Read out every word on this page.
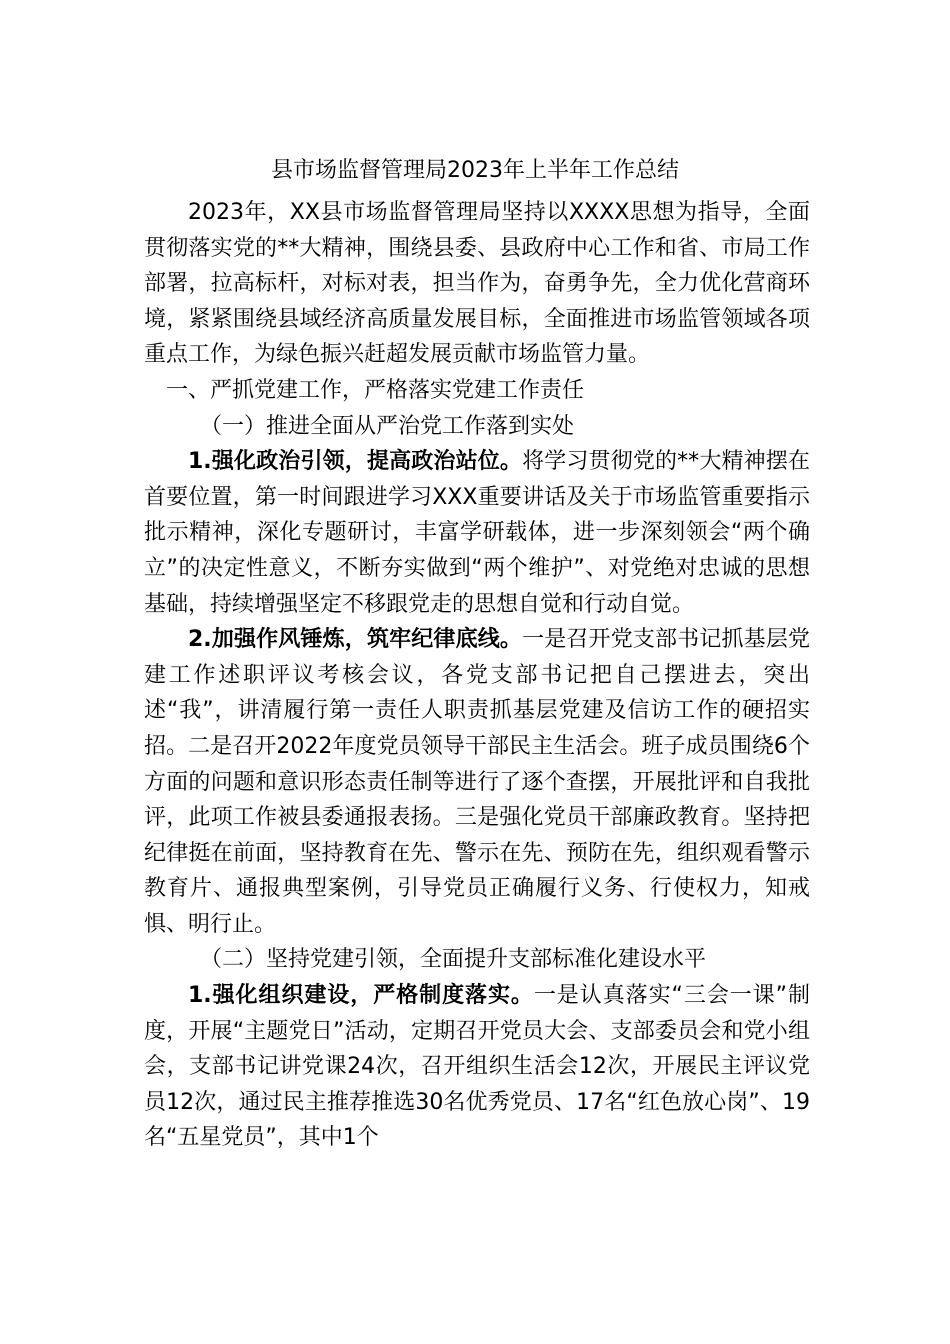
县市场监督管理局2023年上半年工作总结

2023年，XX县市场监督管理局坚持以XXXX思想为指导，全面贯彻落实党的**大精神，围绕县委、县政府中心工作和省、市局工作部署，拉高标杆，对标对表，担当作为，奋勇争先，全力优化营商环境，紧紧围绕县域经济高质量发展目标，全面推进市场监管领域各项重点工作，为绿色振兴赶超发展贡献市场监管力量。

一、严抓党建工作，严格落实党建工作责任

（一）推进全面从严治党工作落到实处

1.强化政治引领，提高政治站位。将学习贯彻党的**大精神摆在首要位置，第一时间跟进学习XXX重要讲话及关于市场监管重要指示批示精神，深化专题研讨，丰富学研载体，进一步深刻领会“两个确立”的决定性意义，不断夯实做到“两个维护”、对党绝对忠诚的思想基础，持续增强坚定不移跟党走的思想自觉和行动自觉。

2.加强作风锤炼，筑牢纪律底线。一是召开党支部书记抓基层党建工作述职评议考核会议，各党支部书记把自己摆进去，突出述“我”，讲清履行第一责任人职责抓基层党建及信访工作的硬招实招。二是召开2022年度党员领导干部民主生活会。班子成员围绕6个方面的问题和意识形态责任制等进行了逐个查摆，开展批评和自我批评，此项工作被县委通报表扬。三是强化党员干部廉政教育。坚持把纪律挺在前面，坚持教育在先、警示在先、预防在先，组织观看警示教育片、通报典型案例，引导党员正确履行义务、行使权力，知戒惧、明行止。

（二）坚持党建引领，全面提升支部标准化建设水平

1.强化组织建设，严格制度落实。一是认真落实“三会一课”制度，开展“主题党日”活动，定期召开党员大会、支部委员会和党小组会，支部书记讲党课24次，召开组织生活会12次，开展民主评议党员12次，通过民主推荐推选30名优秀党员、17名“红色放心岗”、19名“五星党员”，其中1个
